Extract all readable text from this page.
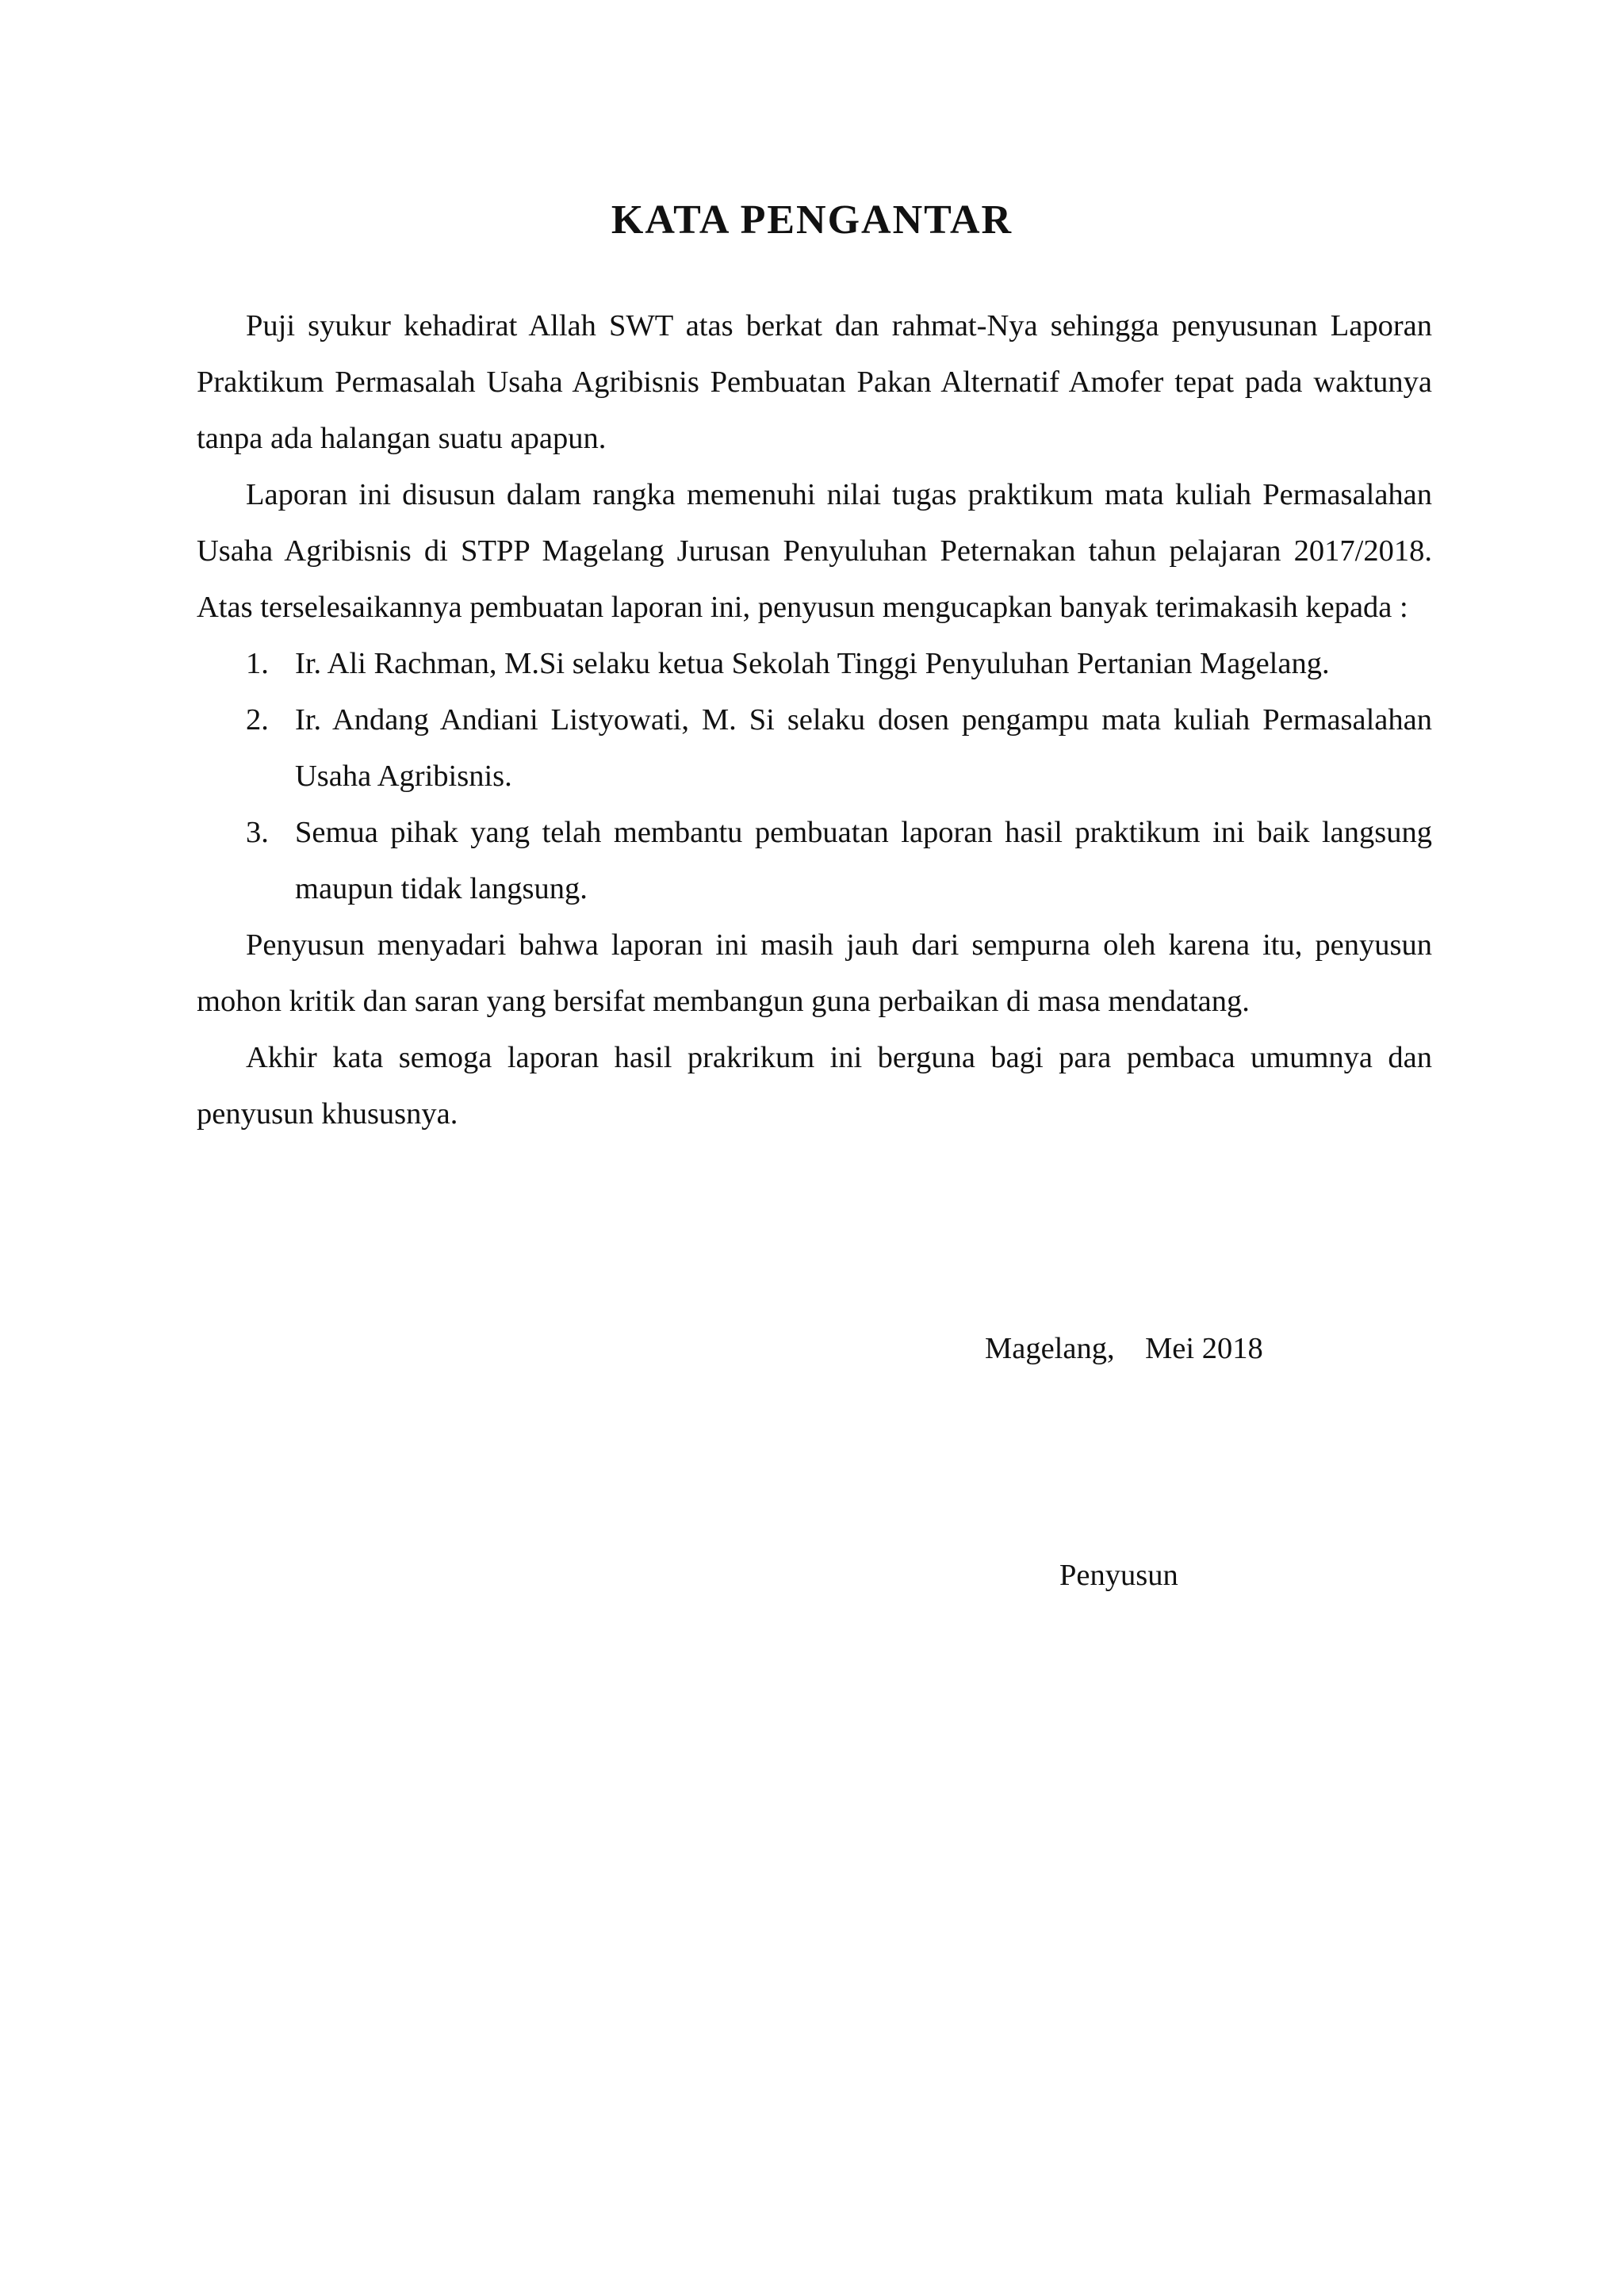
KATA PENGANTAR

Puji syukur kehadirat Allah SWT atas berkat dan rahmat-Nya sehingga penyusunan Laporan Praktikum Permasalah Usaha Agribisnis Pembuatan Pakan Alternatif Amofer tepat pada waktunya tanpa ada halangan suatu apapun.

Laporan ini disusun dalam rangka memenuhi nilai tugas praktikum mata kuliah Permasalahan Usaha Agribisnis di STPP Magelang Jurusan Penyuluhan Peternakan tahun pelajaran 2017/2018. Atas terselesaikannya pembuatan laporan ini, penyusun mengucapkan banyak terimakasih kepada :

1. Ir. Ali Rachman, M.Si selaku ketua Sekolah Tinggi Penyuluhan Pertanian Magelang.
2. Ir. Andang Andiani Listyowati, M. Si selaku dosen pengampu mata kuliah Permasalahan Usaha Agribisnis.
3. Semua pihak yang telah membantu pembuatan laporan hasil praktikum ini baik langsung maupun tidak langsung.

Penyusun menyadari bahwa laporan ini masih jauh dari sempurna oleh karena itu, penyusun mohon kritik dan saran yang bersifat membangun guna perbaikan di masa mendatang.

Akhir kata semoga laporan hasil prakrikum ini berguna bagi para pembaca umumnya dan penyusun khususnya.

Magelang,    Mei 2018
Penyusun
